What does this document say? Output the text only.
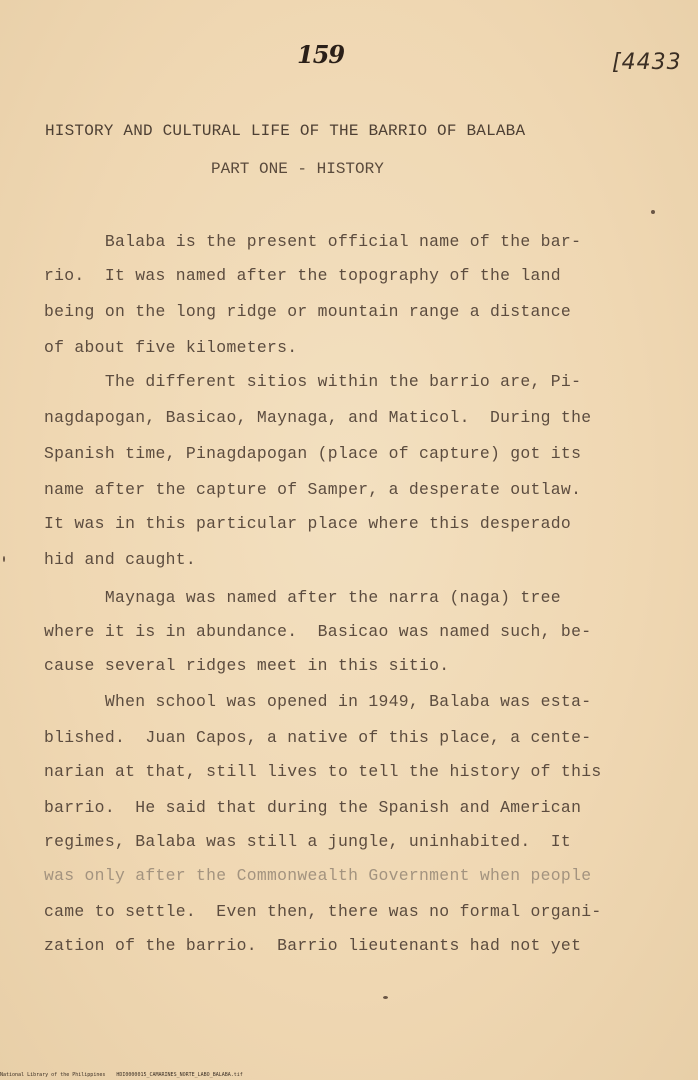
159	[4433
HISTORY AND CULTURAL LIFE OF THE BARRIO OF BALABA
PART ONE - HISTORY
Balaba is the present official name of the bar-
rio.  It was named after the topography of the land
being on the long ridge or mountain range a distance
of about five kilometers.
The different sitios within the barrio are, Pi-
nagdapogan, Basicao, Maynaga, and Maticol.  During the
Spanish time, Pinagdapogan (place of capture) got its
name after the capture of Samper, a desperate outlaw.
It was in this particular place where this desperado
hid and caught.
Maynaga was named after the narra (naga) tree
where it is in abundance.  Basicao was named such, be-
cause several ridges meet in this sitio.
When school was opened in 1949, Balaba was esta-
blished.  Juan Capos, a native of this place, a cente-
narian at that, still lives to tell the history of this
barrio.  He said that during the Spanish and American
regimes, Balaba was still a jungle, uninhabited.  It
was only after the Commonwealth Government when people
came to settle.  Even then, there was no formal organi-
zation of the barrio.  Barrio lieutenants had not yet
National Library of the Philippines HDI0000015_CAMARINES_NORTE_LABO_BALABA.tif
